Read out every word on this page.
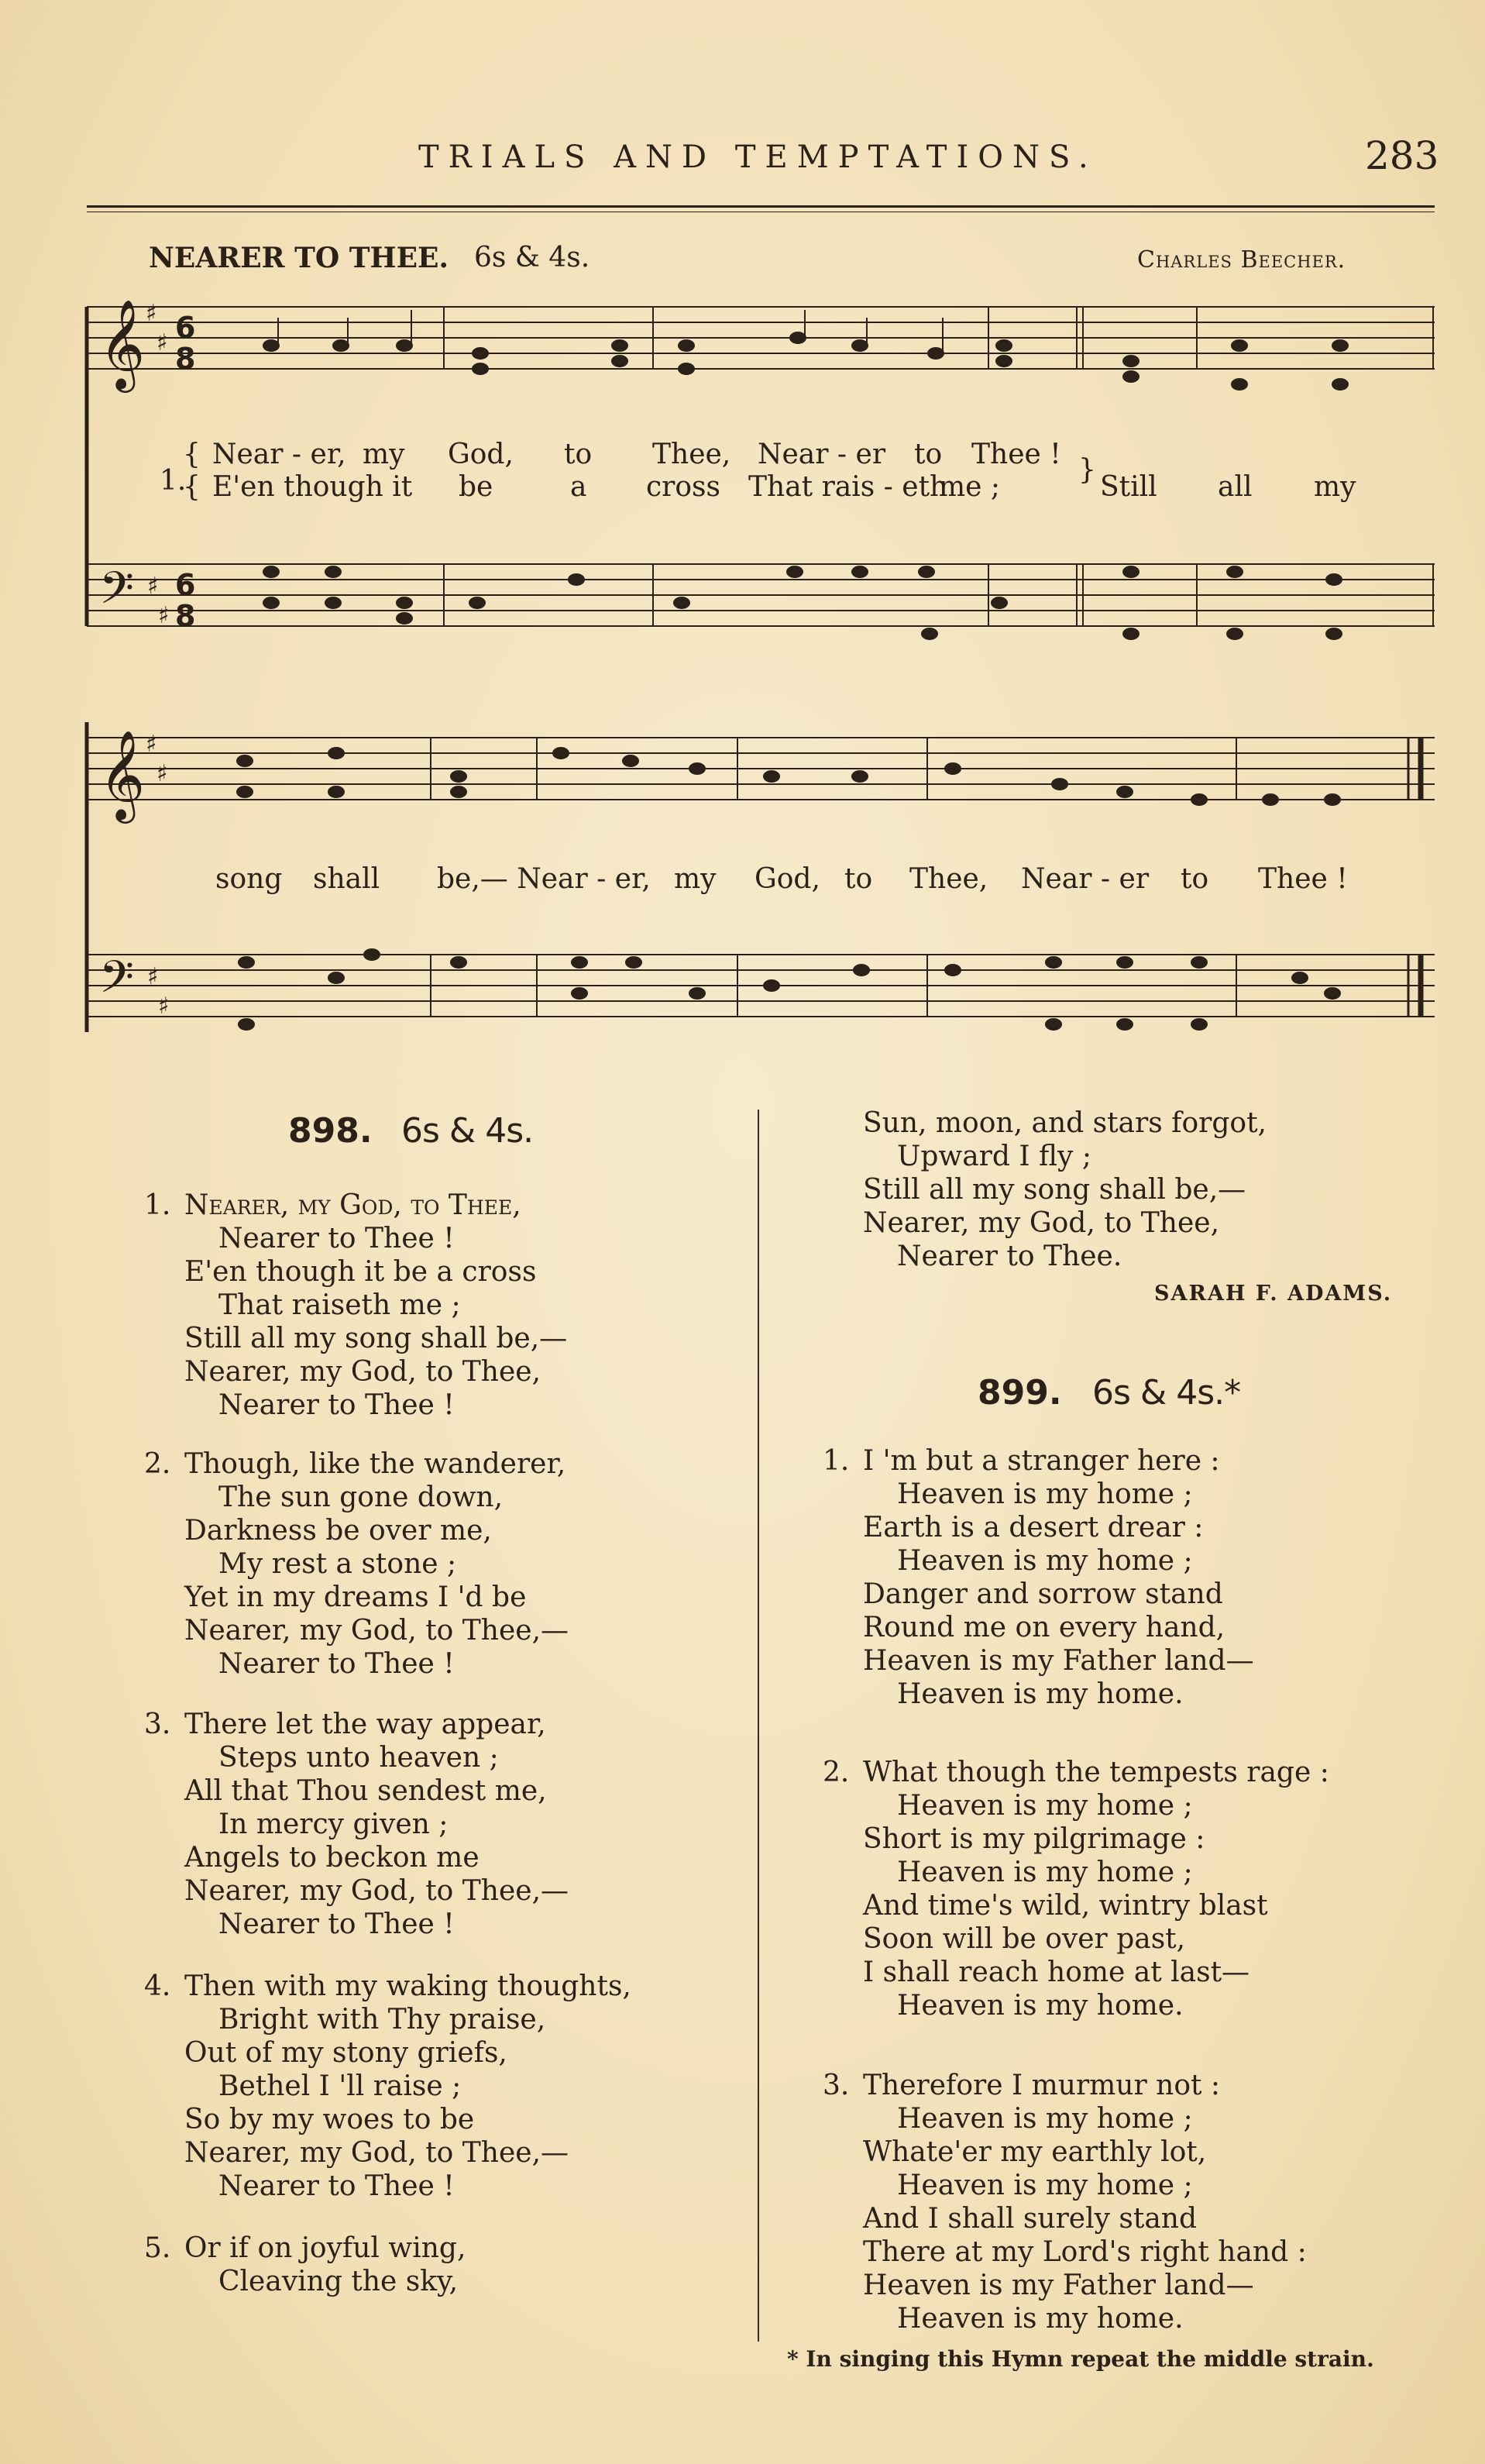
TRIALS AND TEMPTATIONS.	283
NEARER TO THEE. 6s & 4s.	Charles Beecher.
𝄞
𝄞
𝄢
𝄢
♯
♯
♯
♯
♯
♯
♯
♯
6
8
6
8
1.
{ Near - er, my God, to Thee, Near - er to Thee !
{ E'en though it be	a cross That rais - eth
me ;
}
Still all my
song shall be,— Near - er, my God, to Thee, Near - er to Thee !
898. 6s & 4s.
1. Nearer, my God, to Thee,
Nearer to Thee !
E'en though it be a cross
That raiseth me ;
Still all my song shall be,—
Nearer, my God, to Thee,
Nearer to Thee !
2. Though, like the wanderer,
The sun gone down,
Darkness be over me,
My rest a stone ;
Yet in my dreams I 'd be
Nearer, my God, to Thee,—
Nearer to Thee !
3. There let the way appear,
Steps unto heaven ;
All that Thou sendest me,
In mercy given ;
Angels to beckon me
Nearer, my God, to Thee,—
Nearer to Thee !
4. Then with my waking thoughts,
Bright with Thy praise,
Out of my stony griefs,
Bethel I 'll raise ;
So by my woes to be
Nearer, my God, to Thee,—
Nearer to Thee !
5. Or if on joyful wing,
Cleaving the sky,
Sun, moon, and stars forgot,
Upward I fly ;
Still all my song shall be,—
Nearer, my God, to Thee,
Nearer to Thee.
SARAH F. ADAMS.
899. 6s & 4s.*
1. I 'm but a stranger here :
Heaven is my home ;
Earth is a desert drear :
Heaven is my home ;
Danger and sorrow stand
Round me on every hand,
Heaven is my Father land—
Heaven is my home.
2. What though the tempests rage :
Heaven is my home ;
Short is my pilgrimage :
Heaven is my home ;
And time's wild, wintry blast
Soon will be over past,
I shall reach home at last—
Heaven is my home.
3. Therefore I murmur not :
Heaven is my home ;
Whate'er my earthly lot,
Heaven is my home ;
And I shall surely stand
There at my Lord's right hand :
Heaven is my Father land—
Heaven is my home.
* In singing this Hymn repeat the middle strain.
